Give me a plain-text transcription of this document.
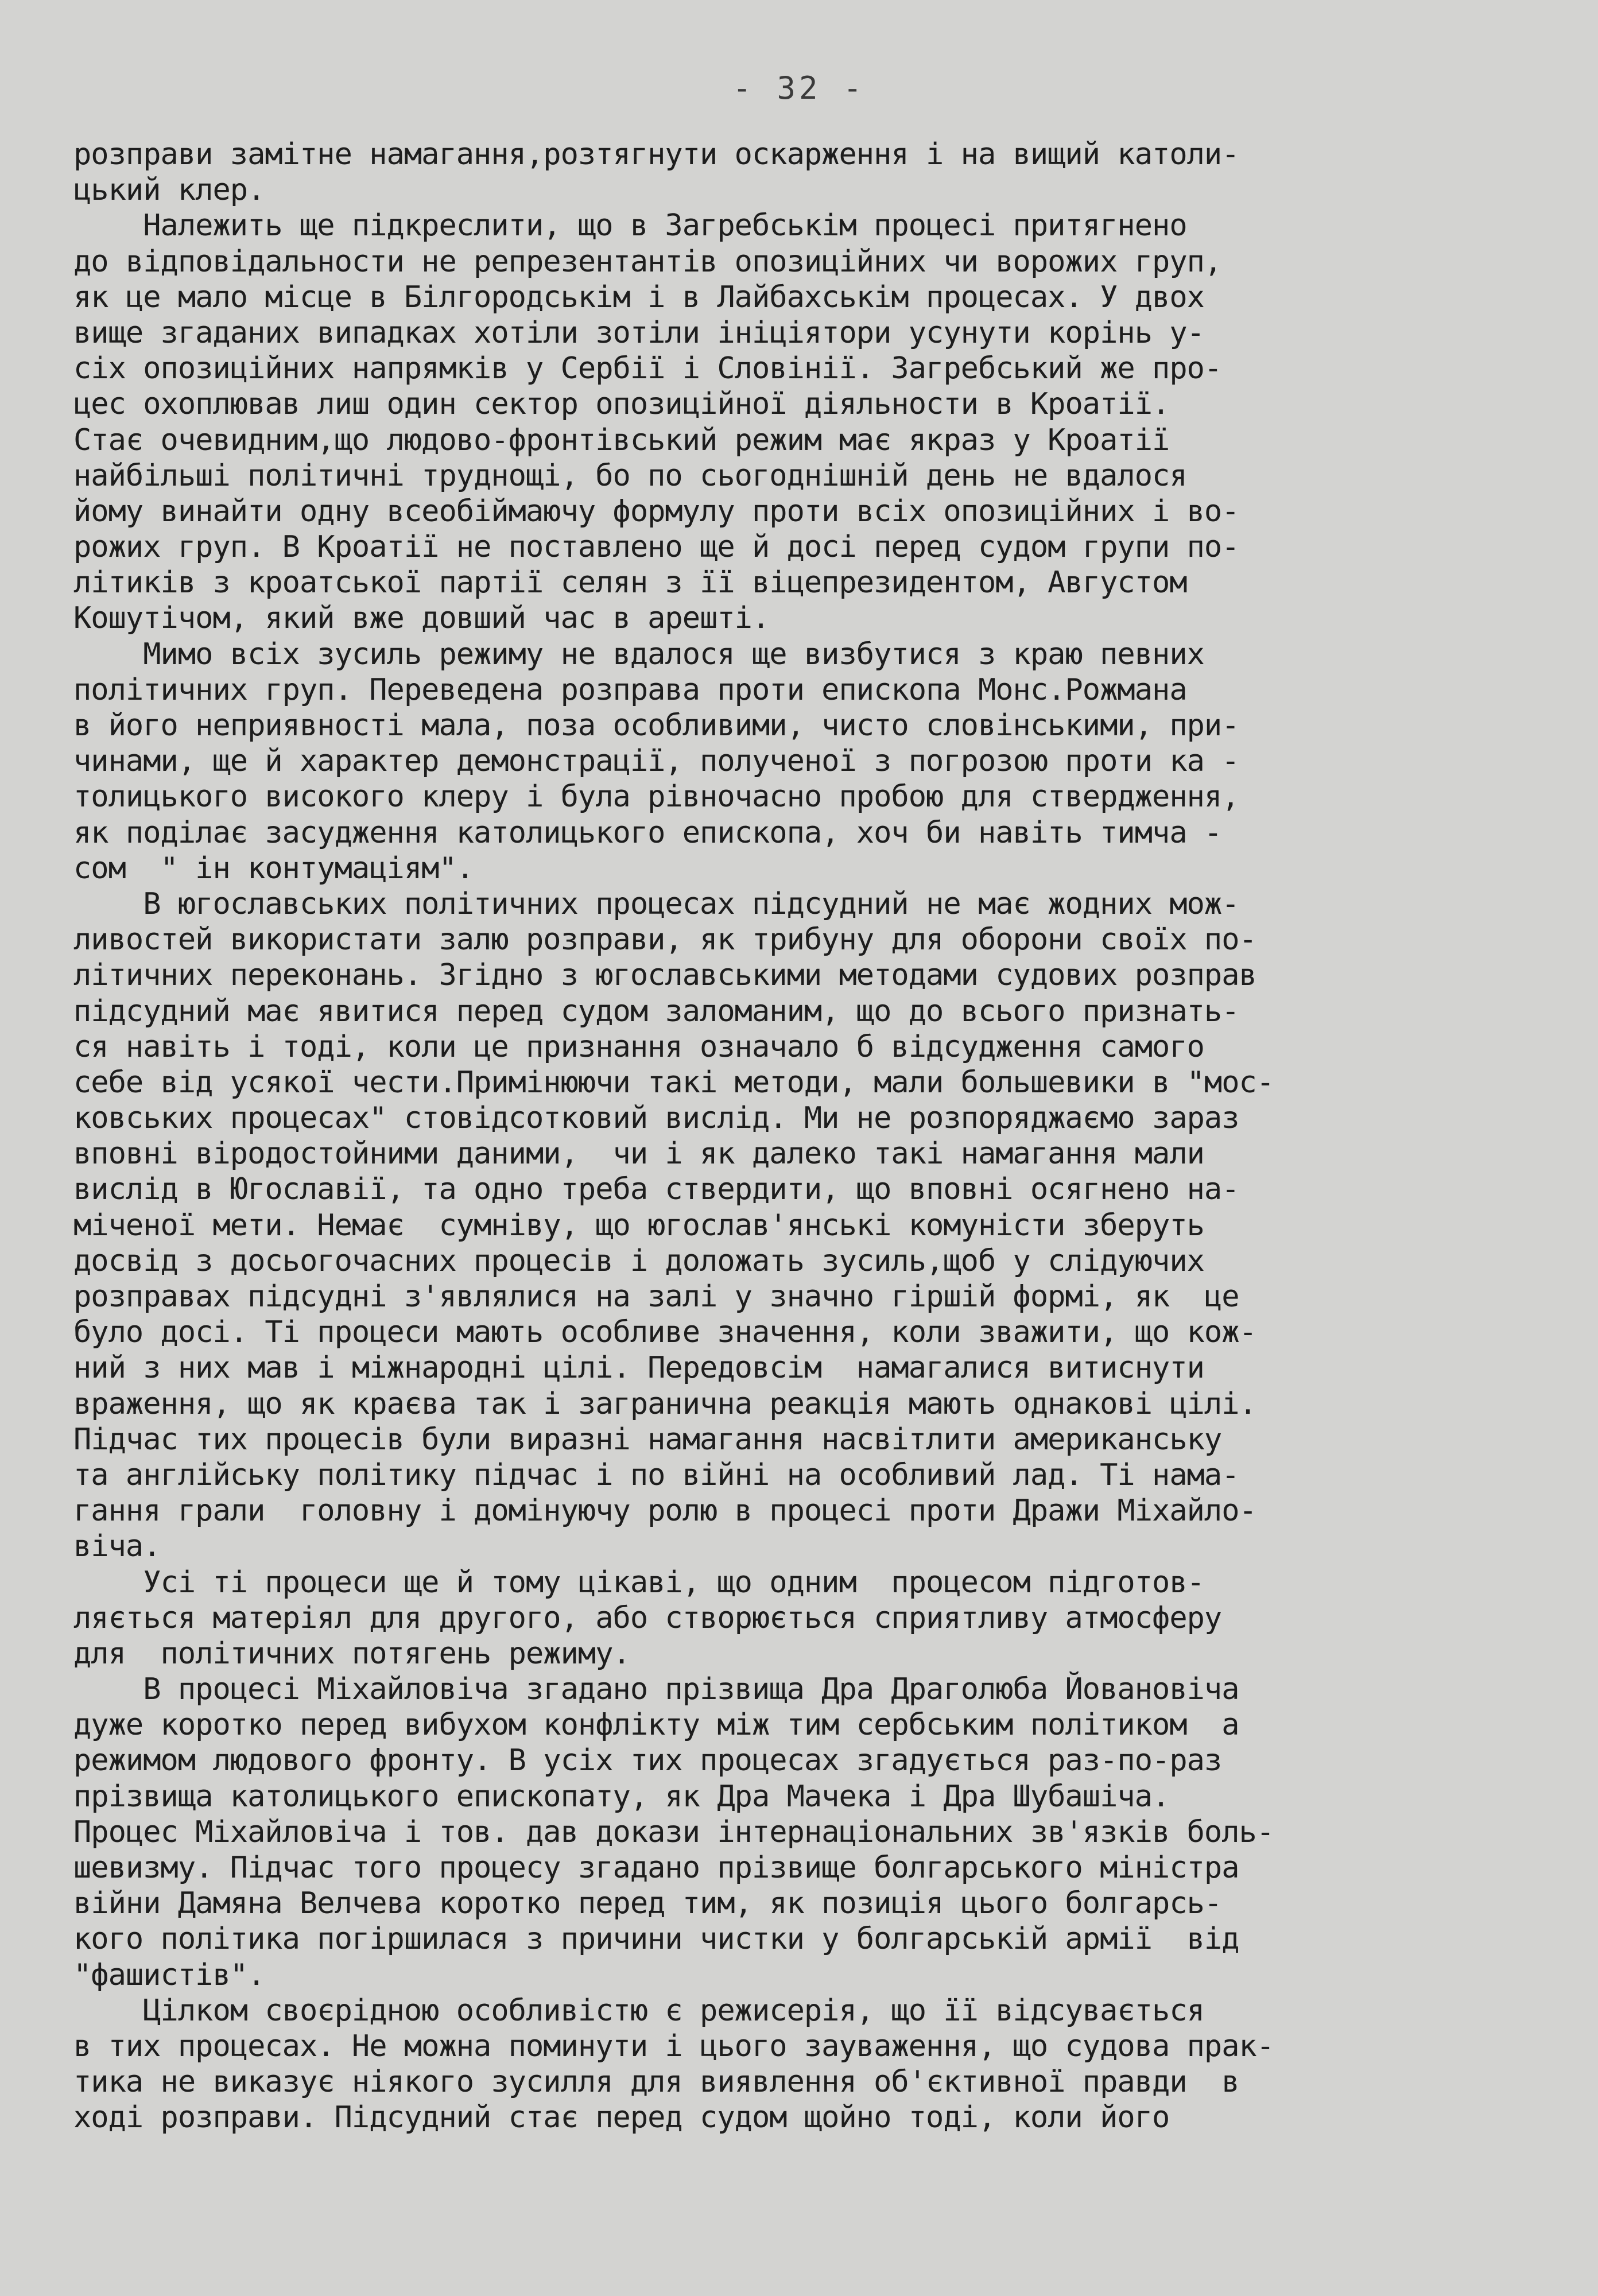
- 32 -
розправи замітне намагання,розтягнути оскарження і на вищий католи-
цький клер.
Належить ще підкреслити, що в Загребськім процесі притягнено
до відповідальности не репрезентантів опозиційних чи ворожих груп,
як це мало місце в Білгородськім і в Лайбахськім процесах. У двох
вище згаданих випадках хотіли зотіли ініціятори усунути корінь у-
сіх опозиційних напрямків у Сербії і Словінії. Загребський же про-
цес охоплював лиш один сектор опозиційної діяльности в Кроатії.
Стає очевидним,що людово-фронтівський режим має якраз у Кроатії
найбільші політичні труднощі, бо по сьогоднішній день не вдалося
йому винайти одну всеобіймаючу формулу проти всіх опозиційних і во-
рожих груп. В Кроатії не поставлено ще й досі перед судом групи по-
літиків з кроатської партії селян з її віцепрезидентом, Августом
Кошутічом, який вже довший час в арешті.
Мимо всіх зусиль режиму не вдалося ще визбутися з краю певних
політичних груп. Переведена розправа проти епископа Монс.Рожмана
в його неприявності мала, поза особливими, чисто словінськими, при-
чинами, ще й характер демонстрації, полученої з погрозою проти ка -
толицького високого клеру і була рівночасно пробою для ствердження,
як поділає засудження католицького епископа, хоч би навіть тимча -
сом  " ін контумаціям".
В югославських політичних процесах підсудний не має жодних мож-
ливостей використати залю розправи, як трибуну для оборони своїх по-
літичних переконань. Згідно з югославськими методами судових розправ
підсудний має явитися перед судом заломаним, що до всього признать-
ся навіть і тоді, коли це признання означало б відсудження самого
себе від усякої чести.Примінюючи такі методи, мали большевики в "мос-
ковських процесах" стовідсотковий вислід. Ми не розпоряджаємо зараз
вповні віродостойними даними,  чи і як далеко такі намагання мали
вислід в Югославії, та одно треба ствердити, що вповні осягнено на-
міченої мети. Немає  сумніву, що югослав'янські комуністи зберуть
досвід з досьогочасних процесів і доложать зусиль,щоб у слідуючих
розправах підсудні з'являлися на залі у значно гіршій формі, як  це
було досі. Ті процеси мають особливе значення, коли зважити, що кож-
ний з них мав і міжнародні цілі. Передовсім  намагалися витиснути
враження, що як краєва так і загранична реакція мають однакові цілі.
Підчас тих процесів були виразні намагання насвітлити американську
та англійську політику підчас і по війні на особливий лад. Ті нама-
гання грали  головну і домінуючу ролю в процесі проти Дражи Міхайло-
віча.
Усі ті процеси ще й тому цікаві, що одним  процесом підготов-
ляється матеріял для другого, або створюється сприятливу атмосферу
для  політичних потягень режиму.
В процесі Міхайловіча згадано прізвища Дра Драголюба Йовановіча
дуже коротко перед вибухом конфлікту між тим сербським політиком  а
режимом людового фронту. В усіх тих процесах згадується раз-по-раз
прізвища католицького епископату, як Дра Мачека і Дра Шубашіча.
Процес Міхайловіча і тов. дав докази інтернаціональних зв'язків боль-
шевизму. Підчас того процесу згадано прізвище болгарського міністра
війни Дамяна Велчева коротко перед тим, як позиція цього болгарсь-
кого політика погіршилася з причини чистки у болгарській армії  від
"фашистів".
Цілком своєрідною особливістю є режисерія, що її відсувається
в тих процесах. Не можна поминути і цього зауваження, що судова прак-
тика не виказує ніякого зусилля для виявлення об'єктивної правди  в
ході розправи. Підсудний стає перед судом щойно тоді, коли його
